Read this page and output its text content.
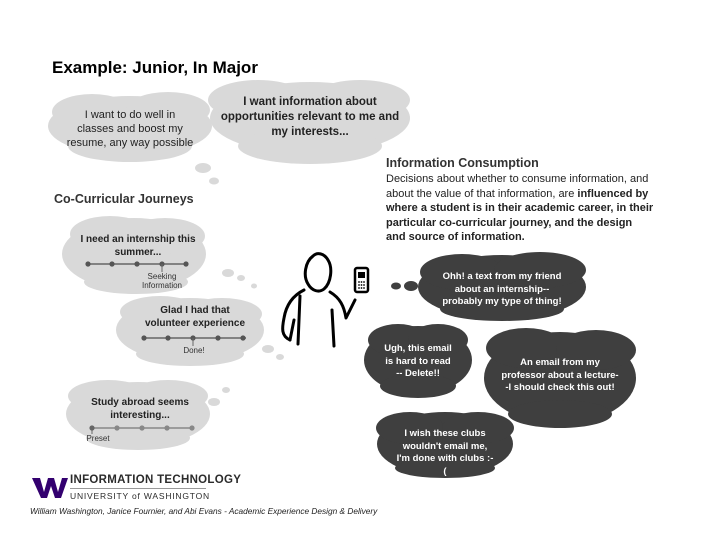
Example: Junior, In Major
I want to do well in classes and boost my resume, any way possible
I want information about opportunities relevant to me and my interests...
Co-Curricular Journeys
I need an internship this summer...
Seeking Information
Glad I had that volunteer experience
Done!
Study abroad seems interesting...
Preset
Information Consumption
Decisions about whether to consume information, and about the value of that information, are influenced by where a student is in their academic career, in their particular co-curricular journey, and the design and source of information.
Ohh! a text from my friend about an internship--probably my type of thing!
Ugh, this email is hard to read -- Delete!!
An email from my professor about a lecture--I should check this out!
I wish these clubs wouldn't email me, I'm done with clubs :-(
INFORMATION TECHNOLOGY
UNIVERSITY of WASHINGTON
William Washington, Janice Fournier, and Abi Evans - Academic Experience Design & Delivery
